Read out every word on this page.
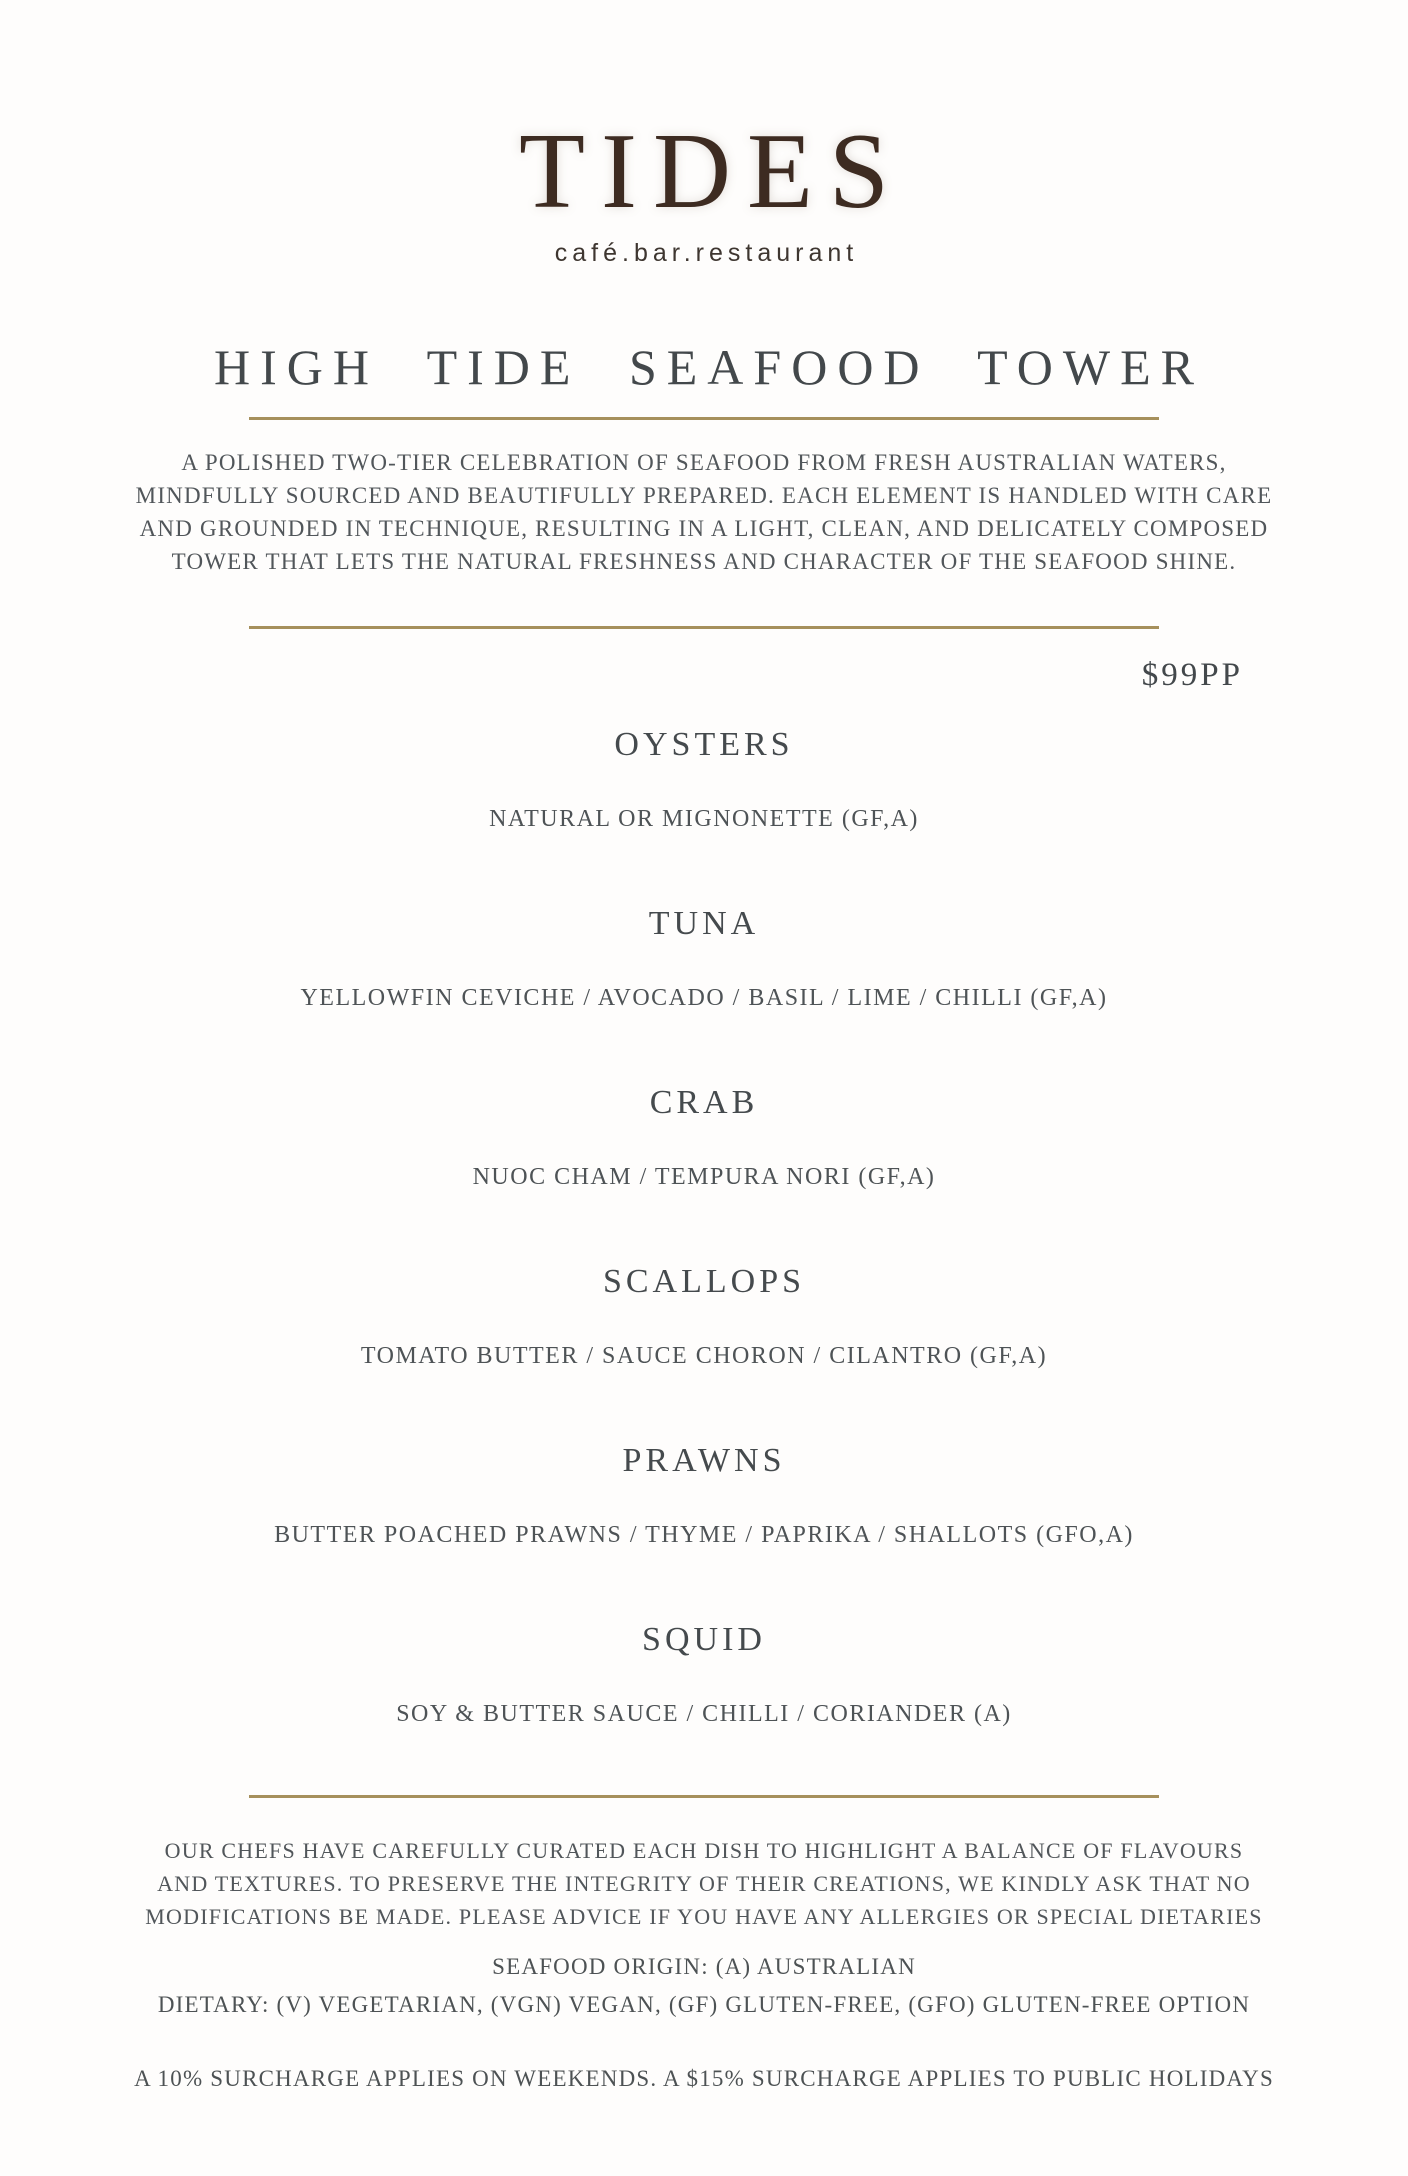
TIDES
café.bar.restaurant
HIGH TIDE SEAFOOD TOWER
A POLISHED TWO-TIER CELEBRATION OF SEAFOOD FROM FRESH AUSTRALIAN WATERS,
MINDFULLY SOURCED AND BEAUTIFULLY PREPARED. EACH ELEMENT IS HANDLED WITH CARE
AND GROUNDED IN TECHNIQUE, RESULTING IN A LIGHT, CLEAN, AND DELICATELY COMPOSED
TOWER THAT LETS THE NATURAL FRESHNESS AND CHARACTER OF THE SEAFOOD SHINE.
$99PP
OYSTERS
NATURAL OR MIGNONETTE (GF,A)
TUNA
YELLOWFIN CEVICHE / AVOCADO / BASIL / LIME / CHILLI (GF,A)
CRAB
NUOC CHAM / TEMPURA NORI (GF,A)
SCALLOPS
TOMATO BUTTER / SAUCE CHORON / CILANTRO (GF,A)
PRAWNS
BUTTER POACHED PRAWNS / THYME / PAPRIKA / SHALLOTS (GFO,A)
SQUID
SOY & BUTTER SAUCE / CHILLI / CORIANDER (A)
OUR CHEFS HAVE CAREFULLY CURATED EACH DISH TO HIGHLIGHT A BALANCE OF FLAVOURS
AND TEXTURES. TO PRESERVE THE INTEGRITY OF THEIR CREATIONS, WE KINDLY ASK THAT NO
MODIFICATIONS BE MADE. PLEASE ADVICE IF YOU HAVE ANY ALLERGIES OR SPECIAL DIETARIES
SEAFOOD ORIGIN: (A) AUSTRALIAN
DIETARY: (V) VEGETARIAN, (VGN) VEGAN, (GF) GLUTEN-FREE, (GFO) GLUTEN-FREE OPTION
A 10% SURCHARGE APPLIES ON WEEKENDS. A $15% SURCHARGE APPLIES TO PUBLIC HOLIDAYS
